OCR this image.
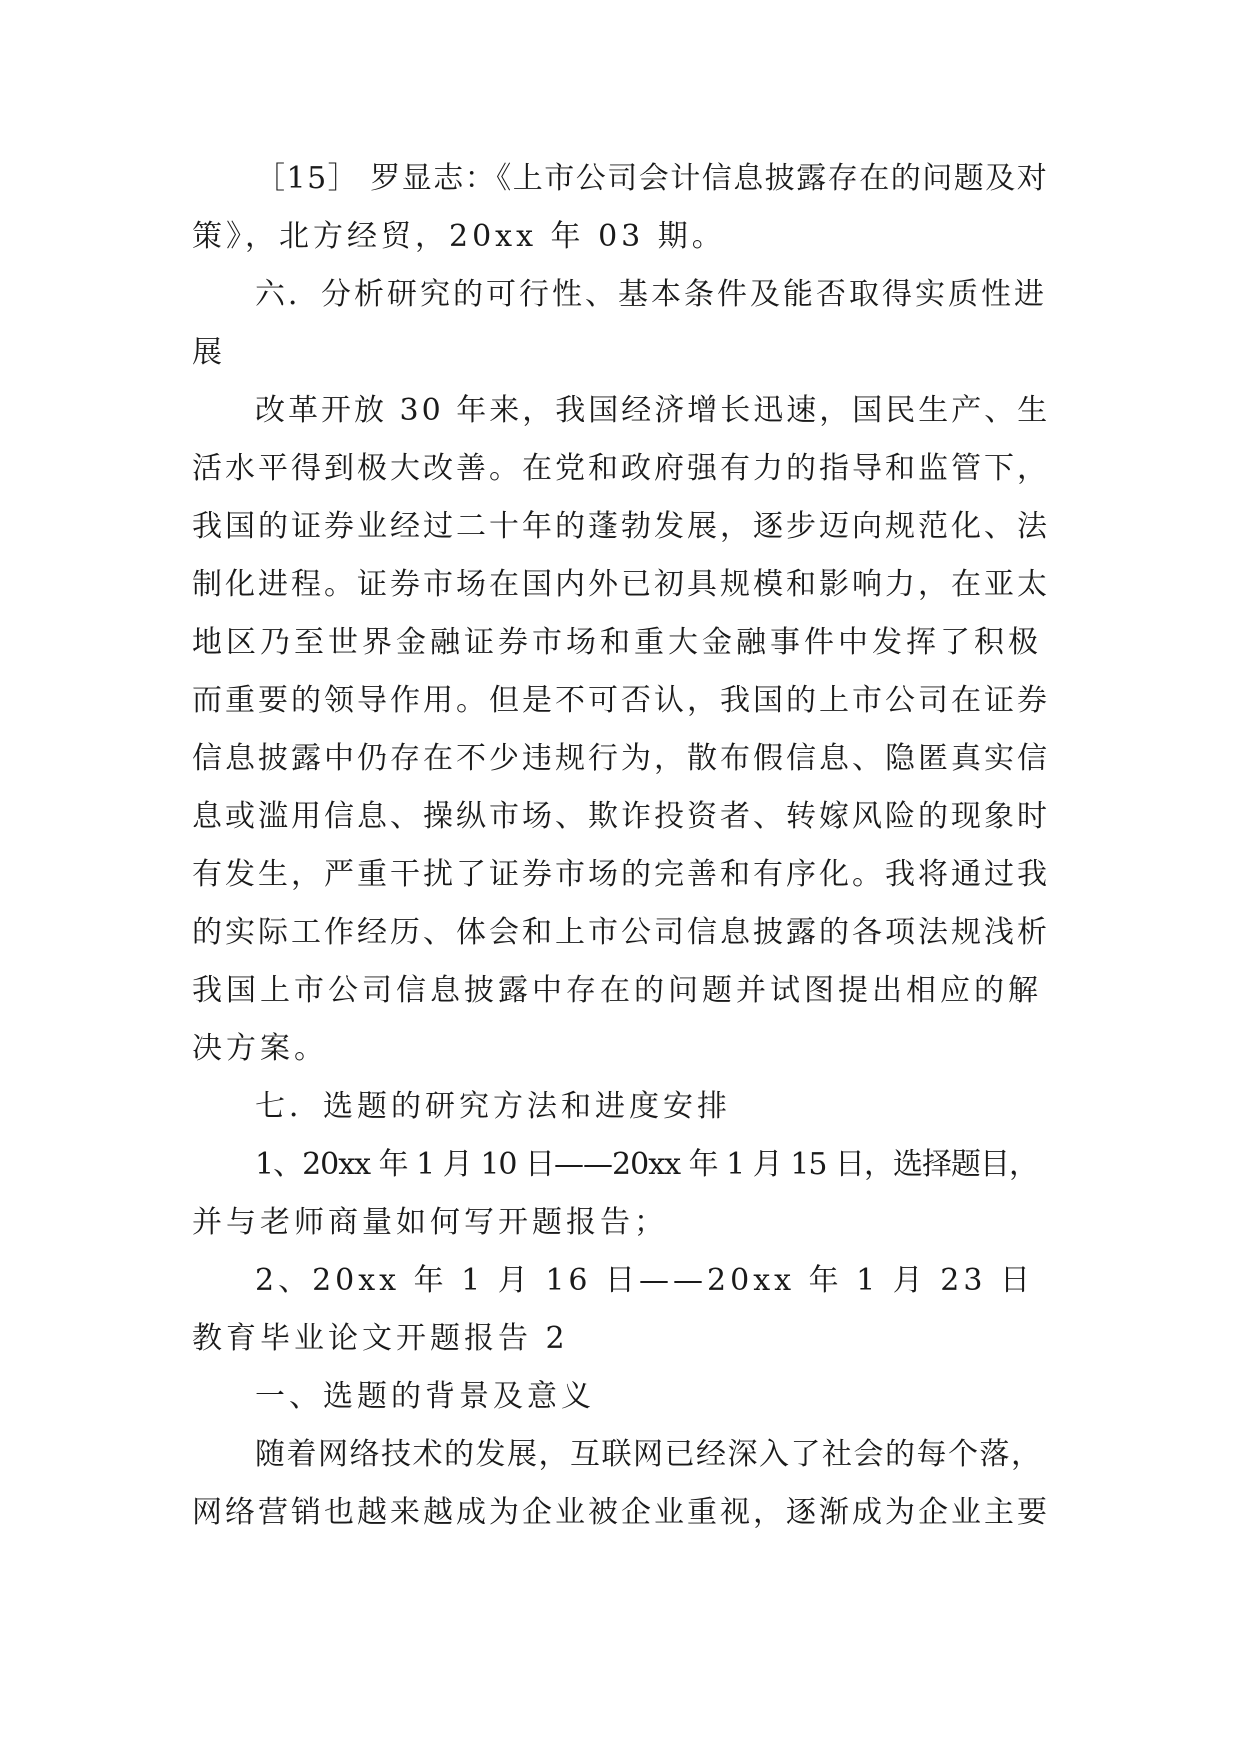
［15］ 罗显志：《上市公司会计信息披露存在的问题及对
策》，北方经贸，20xx 年 03 期。
六．分析研究的可行性、基本条件及能否取得实质性进
展
改革开放 30 年来，我国经济增长迅速，国民生产、生
活水平得到极大改善。在党和政府强有力的指导和监管下，
我国的证券业经过二十年的蓬勃发展，逐步迈向规范化、法
制化进程。证券市场在国内外已初具规模和影响力，在亚太
地区乃至世界金融证券市场和重大金融事件中发挥了积极
而重要的领导作用。但是不可否认，我国的上市公司在证券
信息披露中仍存在不少违规行为，散布假信息、隐匿真实信
息或滥用信息、操纵市场、欺诈投资者、转嫁风险的现象时
有发生，严重干扰了证券市场的完善和有序化。我将通过我
的实际工作经历、体会和上市公司信息披露的各项法规浅析
我国上市公司信息披露中存在的问题并试图提出相应的解
决方案。
七．选题的研究方法和进度安排
1、20xx 年 1 月 10 日——20xx 年 1 月 15 日，选择题目，
并与老师商量如何写开题报告；
2、20xx 年 1 月 16 日——20xx 年 1 月 23 日
教育毕业论文开题报告 2
一、选题的背景及意义
随着网络技术的发展，互联网已经深入了社会的每个落，
网络营销也越来越成为企业被企业重视，逐渐成为企业主要
